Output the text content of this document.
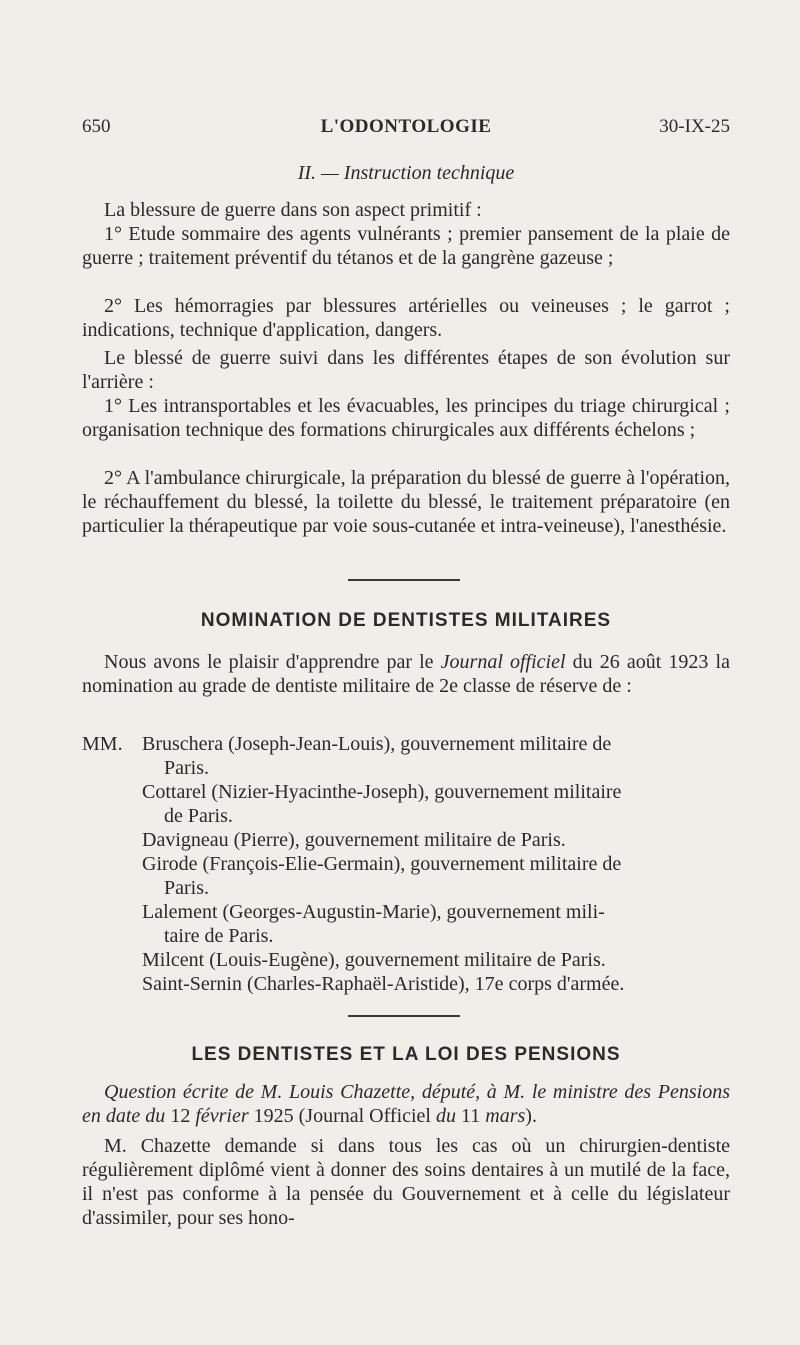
650	L'ODONTOLOGIE	30-IX-25
II. — Instruction technique
La blessure de guerre dans son aspect primitif :
1° Etude sommaire des agents vulnérants ; premier pansement de la plaie de guerre ; traitement préventif du tétanos et de la gangrène gazeuse ;
2° Les hémorragies par blessures artérielles ou veineuses ; le garrot ; indications, technique d'application, dangers.
Le blessé de guerre suivi dans les différentes étapes de son évolution sur l'arrière :
1° Les intransportables et les évacuables, les principes du triage chirurgical ; organisation technique des formations chirurgicales aux différents échelons ;
2° A l'ambulance chirurgicale, la préparation du blessé de guerre à l'opération, le réchauffement du blessé, la toilette du blessé, le traitement préparatoire (en particulier la thérapeutique par voie sous-cutanée et intra-veineuse), l'anesthésie.
NOMINATION DE DENTISTES MILITAIRES
Nous avons le plaisir d'apprendre par le Journal officiel du 26 août 1923 la nomination au grade de dentiste militaire de 2e classe de réserve de :
MM. Bruschera (Joseph-Jean-Louis), gouvernement militaire de
Paris.
Cottarel (Nizier-Hyacinthe-Joseph), gouvernement militaire
de Paris.
Davigneau (Pierre), gouvernement militaire de Paris.
Girode (François-Elie-Germain), gouvernement militaire de
Paris.
Lalement (Georges-Augustin-Marie), gouvernement mili-
taire de Paris.
Milcent (Louis-Eugène), gouvernement militaire de Paris.
Saint-Sernin (Charles-Raphaël-Aristide), 17e corps d'armée.
LES DENTISTES ET LA LOI DES PENSIONS
Question écrite de M. Louis Chazette, député, à M. le ministre des Pensions en date du 12 février 1925 (Journal Officiel du 11 mars).
M. Chazette demande si dans tous les cas où un chirurgien-dentiste régulièrement diplômé vient à donner des soins dentaires à un mutilé de la face, il n'est pas conforme à la pensée du Gouvernement et à celle du législateur d'assimiler, pour ses hono-
